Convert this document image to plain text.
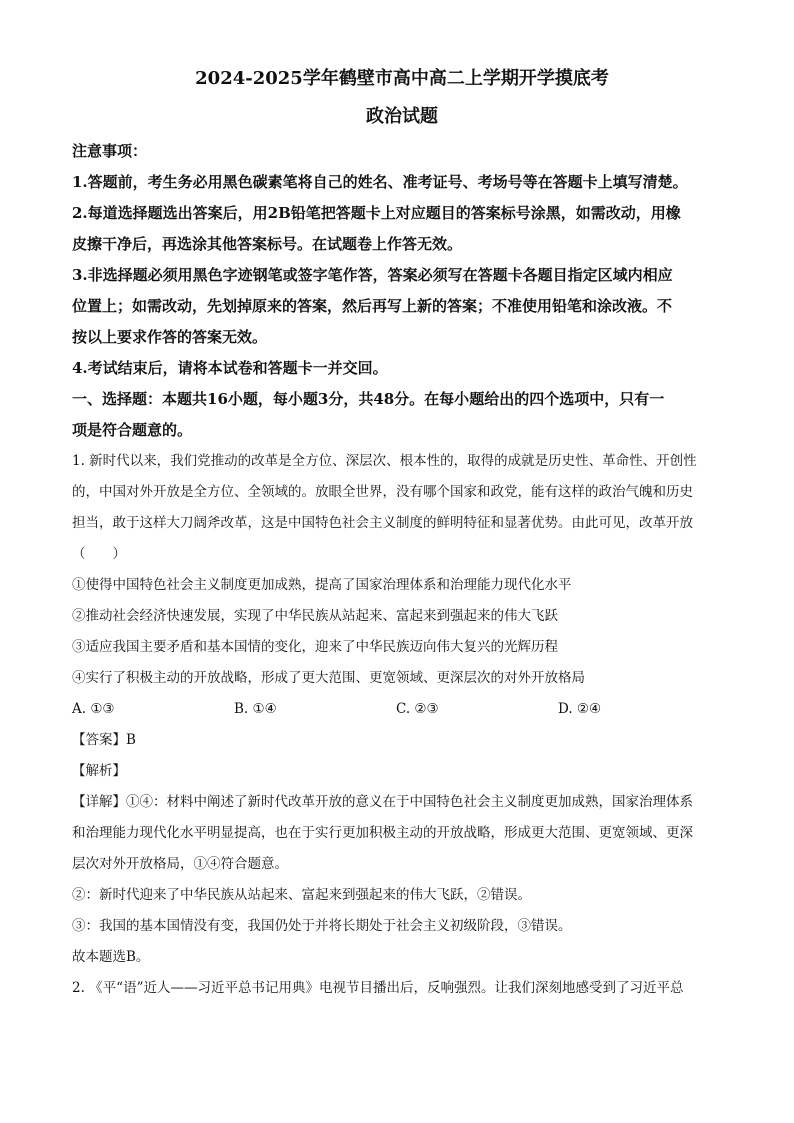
2024-2025学年鹤壁市高中高二上学期开学摸底考
政治试题

注意事项：

1.答题前，考生务必用黑色碳素笔将自己的姓名、准考证号、考场号等在答题卡上填写清楚。

2.每道选择题选出答案后，用2B铅笔把答题卡上对应题目的答案标号涂黑，如需改动，用橡

皮擦干净后，再选涂其他答案标号。在试题卷上作答无效。

3.非选择题必须用黑色字迹钢笔或签字笔作答，答案必须写在答题卡各题目指定区域内相应

位置上；如需改动，先划掉原来的答案，然后再写上新的答案；不准使用铅笔和涂改液。不

按以上要求作答的答案无效。

4.考试结束后，请将本试卷和答题卡一并交回。

一、选择题：本题共16小题，每小题3分，共48分。在每小题给出的四个选项中，只有一

项是符合题意的。

1. 新时代以来，我们党推动的改革是全方位、深层次、根本性的，取得的成就是历史性、革命性、开创性

的，中国对外开放是全方位、全领域的。放眼全世界，没有哪个国家和政党，能有这样的政治气魄和历史

担当，敢于这样大刀阔斧改革，这是中国特色社会主义制度的鲜明特征和显著优势。由此可见，改革开放

（　　）

①使得中国特色社会主义制度更加成熟，提高了国家治理体系和治理能力现代化水平

②推动社会经济快速发展，实现了中华民族从站起来、富起来到强起来的伟大飞跃

③适应我国主要矛盾和基本国情的变化，迎来了中华民族迈向伟大复兴的光辉历程

④实行了积极主动的开放战略，形成了更大范围、更宽领域、更深层次的对外开放格局

A. ①③	B. ①④	C. ②③	D. ②④

【答案】B

【解析】

【详解】①④：材料中阐述了新时代改革开放的意义在于中国特色社会主义制度更加成熟，国家治理体系

和治理能力现代化水平明显提高，也在于实行更加积极主动的开放战略，形成更大范围、更宽领域、更深

层次对外开放格局，①④符合题意。

②：新时代迎来了中华民族从站起来、富起来到强起来的伟大飞跃，②错误。

③：我国的基本国情没有变，我国仍处于并将长期处于社会主义初级阶段，③错误。

故本题选B。

2. 《平“语”近人——习近平总书记用典》电视节目播出后，反响强烈。让我们深刻地感受到了习近平总
